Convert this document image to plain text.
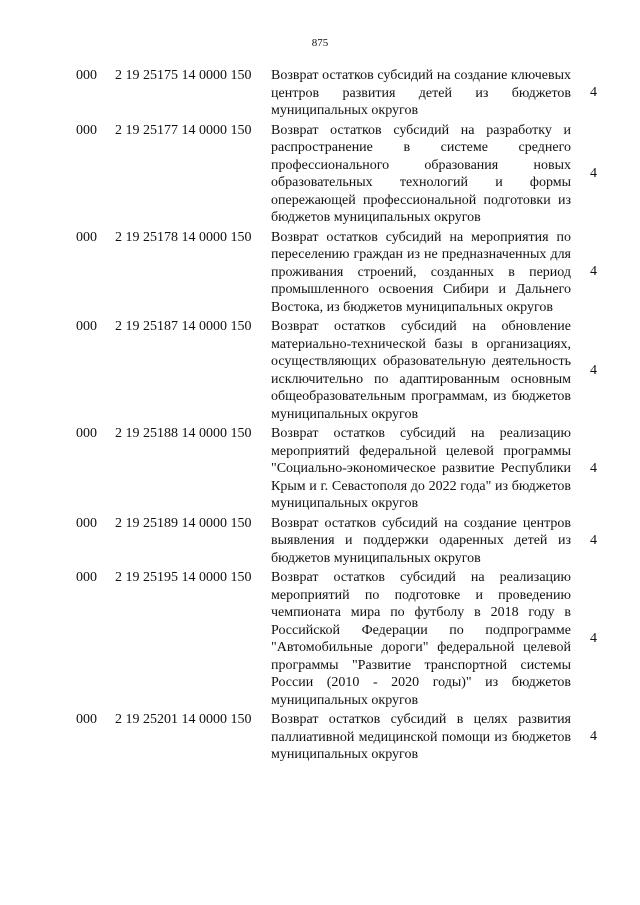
875
000 2 19 25175 14 0000 150 Возврат остатков субсидий на создание ключевых центров развития детей из бюджетов муниципальных округов
4
000 2 19 25177 14 0000 150 Возврат остатков субсидий на разработку и распространение в системе среднего профессионального образования новых образовательных технологий и формы опережающей профессиональной подготовки из бюджетов муниципальных округов
4
000 2 19 25178 14 0000 150 Возврат остатков субсидий на мероприятия по переселению граждан из не предназначенных для проживания строений, созданных в период промышленного освоения Сибири и Дальнего Востока, из бюджетов муниципальных округов
4
000 2 19 25187 14 0000 150 Возврат остатков субсидий на обновление материально-технической базы в организациях, осуществляющих образовательную деятельность исключительно по адаптированным основным общеобразовательным программам, из бюджетов муниципальных округов
4
000 2 19 25188 14 0000 150 Возврат остатков субсидий на реализацию мероприятий федеральной целевой программы "Социально-экономическое развитие Республики Крым и г. Севастополя до 2022 года" из бюджетов муниципальных округов
4
000 2 19 25189 14 0000 150 Возврат остатков субсидий на создание центров выявления и поддержки одаренных детей из бюджетов муниципальных округов
4
000 2 19 25195 14 0000 150 Возврат остатков субсидий на реализацию мероприятий по подготовке и проведению чемпионата мира по футболу в 2018 году в Российской Федерации по подпрограмме "Автомобильные дороги" федеральной целевой программы "Развитие транспортной системы России (2010 - 2020 годы)" из бюджетов муниципальных округов
4
000 2 19 25201 14 0000 150 Возврат остатков субсидий в целях развития паллиативной медицинской помощи из бюджетов муниципальных округов
4
